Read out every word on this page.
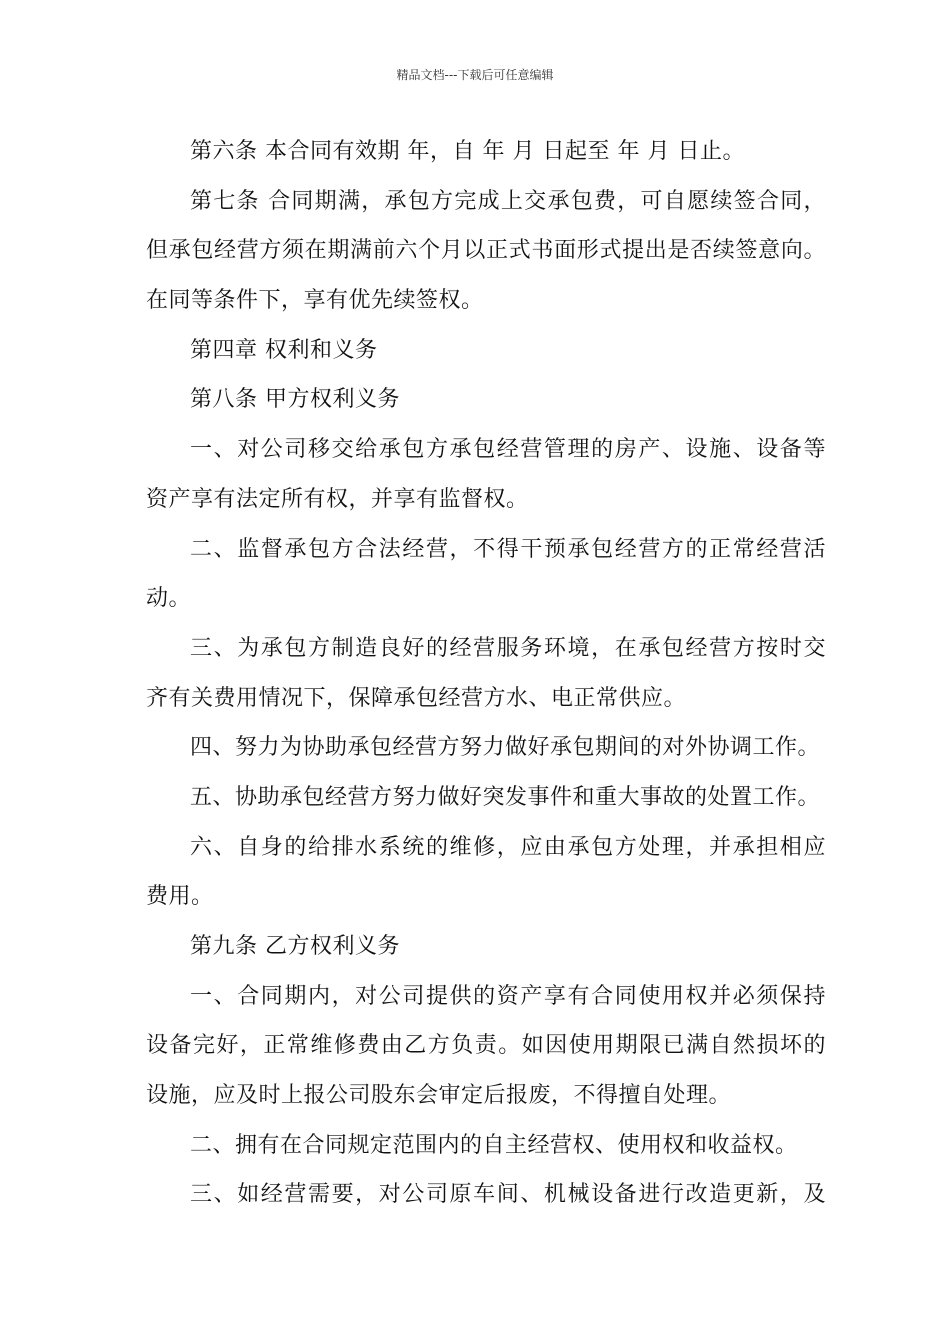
精品文档---下载后可任意编辑
第六条 本合同有效期 年，自 年 月 日起至 年 月 日止。
第七条 合同期满，承包方完成上交承包费，可自愿续签合同，
但承包经营方须在期满前六个月以正式书面形式提出是否续签意向。
在同等条件下，享有优先续签权。
第四章 权利和义务
第八条 甲方权利义务
一、对公司移交给承包方承包经营管理的房产、设施、设备等
资产享有法定所有权，并享有监督权。
二、监督承包方合法经营，不得干预承包经营方的正常经营活
动。
三、为承包方制造良好的经营服务环境，在承包经营方按时交
齐有关费用情况下，保障承包经营方水、电正常供应。
四、努力为协助承包经营方努力做好承包期间的对外协调工作。
五、协助承包经营方努力做好突发事件和重大事故的处置工作。
六、自身的给排水系统的维修，应由承包方处理，并承担相应
费用。
第九条 乙方权利义务
一、合同期内，对公司提供的资产享有合同使用权并必须保持
设备完好，正常维修费由乙方负责。如因使用期限已满自然损坏的
设施，应及时上报公司股东会审定后报废，不得擅自处理。
二、拥有在合同规定范围内的自主经营权、使用权和收益权。
三、如经营需要，对公司原车间、机械设备进行改造更新，及
